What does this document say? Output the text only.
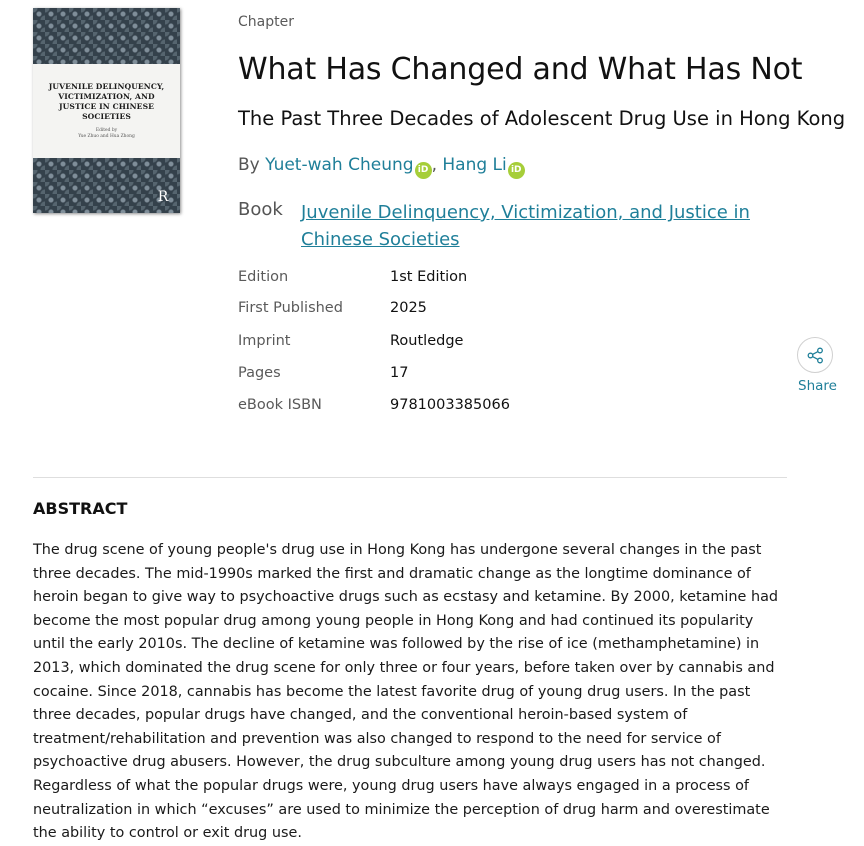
JUVENILE DELINQUENCY, VICTIMIZATION, AND JUSTICE IN CHINESE SOCIETIES
Edited by
Yue Zhuo and Hua Zhong
R
Chapter
What Has Changed and What Has Not
The Past Three Decades of Adolescent Drug Use in Hong Kong
By Yuet-wah Cheung iD , Hang Li iD
Book Juvenile Delinquency, Victimization, and Justice in Chinese Societies
Edition	1st Edition
First Published	2025
Imprint	Routledge
Pages	17
eBook ISBN	9781003385066
Share
ABSTRACT
The drug scene of young people's drug use in Hong Kong has undergone several changes in the past three decades. The mid-1990s marked the first and dramatic change as the longtime dominance of heroin began to give way to psychoactive drugs such as ecstasy and ketamine. By 2000, ketamine had become the most popular drug among young people in Hong Kong and had continued its popularity until the early 2010s. The decline of ketamine was followed by the rise of ice (methamphetamine) in 2013, which dominated the drug scene for only three or four years, before taken over by cannabis and cocaine. Since 2018, cannabis has become the latest favorite drug of young drug users. In the past three decades, popular drugs have changed, and the conventional heroin-based system of treatment/rehabilitation and prevention was also changed to respond to the need for service of psychoactive drug abusers. However, the drug subculture among young drug users has not changed. Regardless of what the popular drugs were, young drug users have always engaged in a process of neutralization in which “excuses” are used to minimize the perception of drug harm and overestimate the ability to control or exit drug use.
